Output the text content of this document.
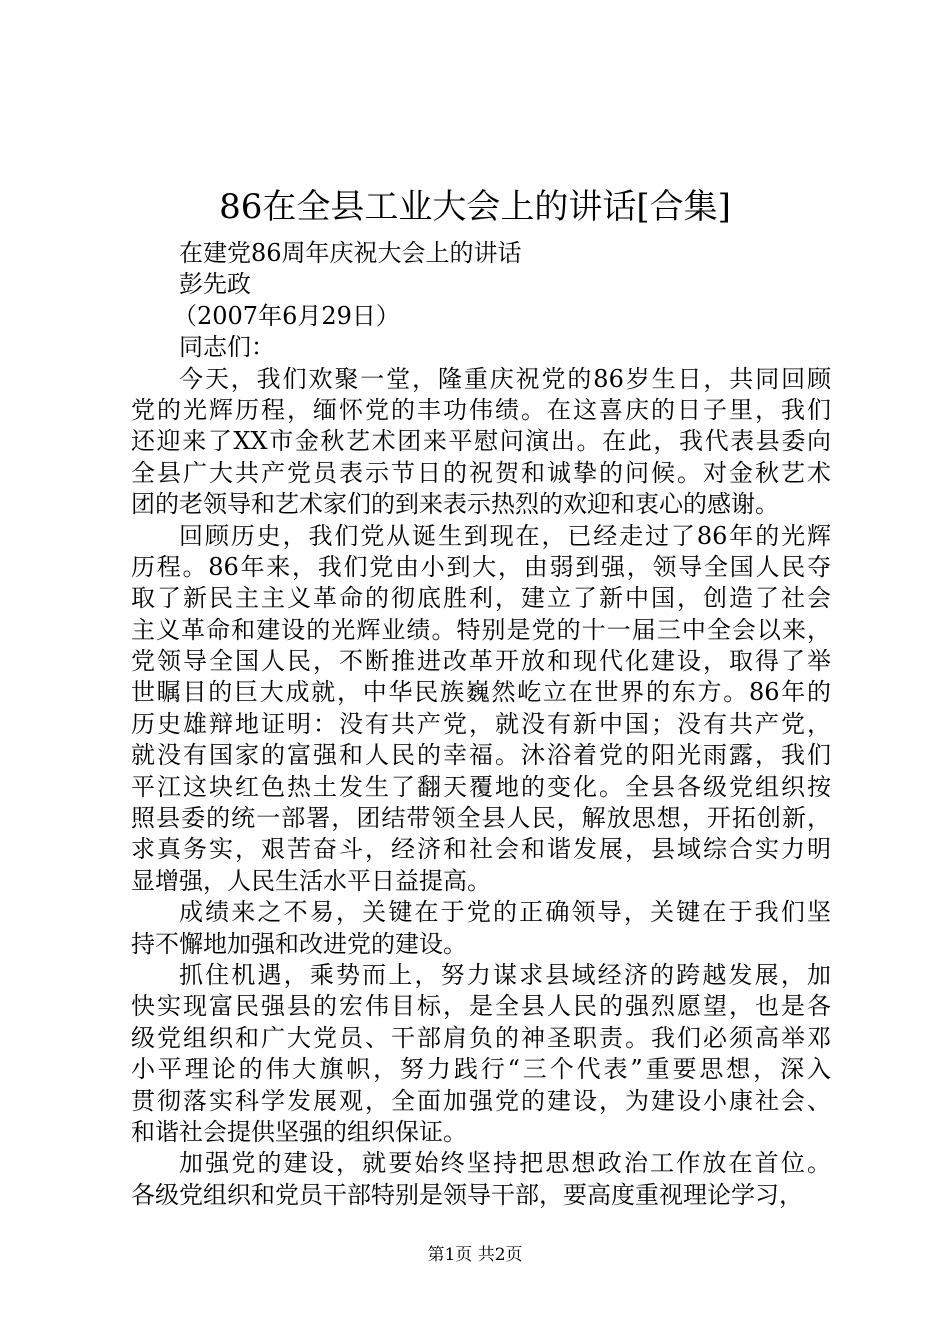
86在全县工业大会上的讲话[合集]
在建党86周年庆祝大会上的讲话
彭先政
（2007年6月29日）
同志们：
今天，我们欢聚一堂，隆重庆祝党的86岁生日，共同回顾
党的光辉历程，缅怀党的丰功伟绩。在这喜庆的日子里，我们
还迎来了XX市金秋艺术团来平慰问演出。在此，我代表县委向
全县广大共产党员表示节日的祝贺和诚挚的问候。对金秋艺术
团的老领导和艺术家们的到来表示热烈的欢迎和衷心的感谢。
回顾历史，我们党从诞生到现在，已经走过了86年的光辉
历程。86年来，我们党由小到大，由弱到强，领导全国人民夺
取了新民主主义革命的彻底胜利，建立了新中国，创造了社会
主义革命和建设的光辉业绩。特别是党的十一届三中全会以来，
党领导全国人民，不断推进改革开放和现代化建设，取得了举
世瞩目的巨大成就，中华民族巍然屹立在世界的东方。86年的
历史雄辩地证明：没有共产党，就没有新中国；没有共产党，
就没有国家的富强和人民的幸福。沐浴着党的阳光雨露，我们
平江这块红色热土发生了翻天覆地的变化。全县各级党组织按
照县委的统一部署，团结带领全县人民，解放思想，开拓创新，
求真务实，艰苦奋斗，经济和社会和谐发展，县域综合实力明
显增强，人民生活水平日益提高。
成绩来之不易，关键在于党的正确领导，关键在于我们坚
持不懈地加强和改进党的建设。
抓住机遇，乘势而上，努力谋求县域经济的跨越发展，加
快实现富民强县的宏伟目标，是全县人民的强烈愿望，也是各
级党组织和广大党员、干部肩负的神圣职责。我们必须高举邓
小平理论的伟大旗帜，努力践行“三个代表”重要思想，深入
贯彻落实科学发展观，全面加强党的建设，为建设小康社会、
和谐社会提供坚强的组织保证。
加强党的建设，就要始终坚持把思想政治工作放在首位。
各级党组织和党员干部特别是领导干部，要高度重视理论学习，
第1页 共2页
